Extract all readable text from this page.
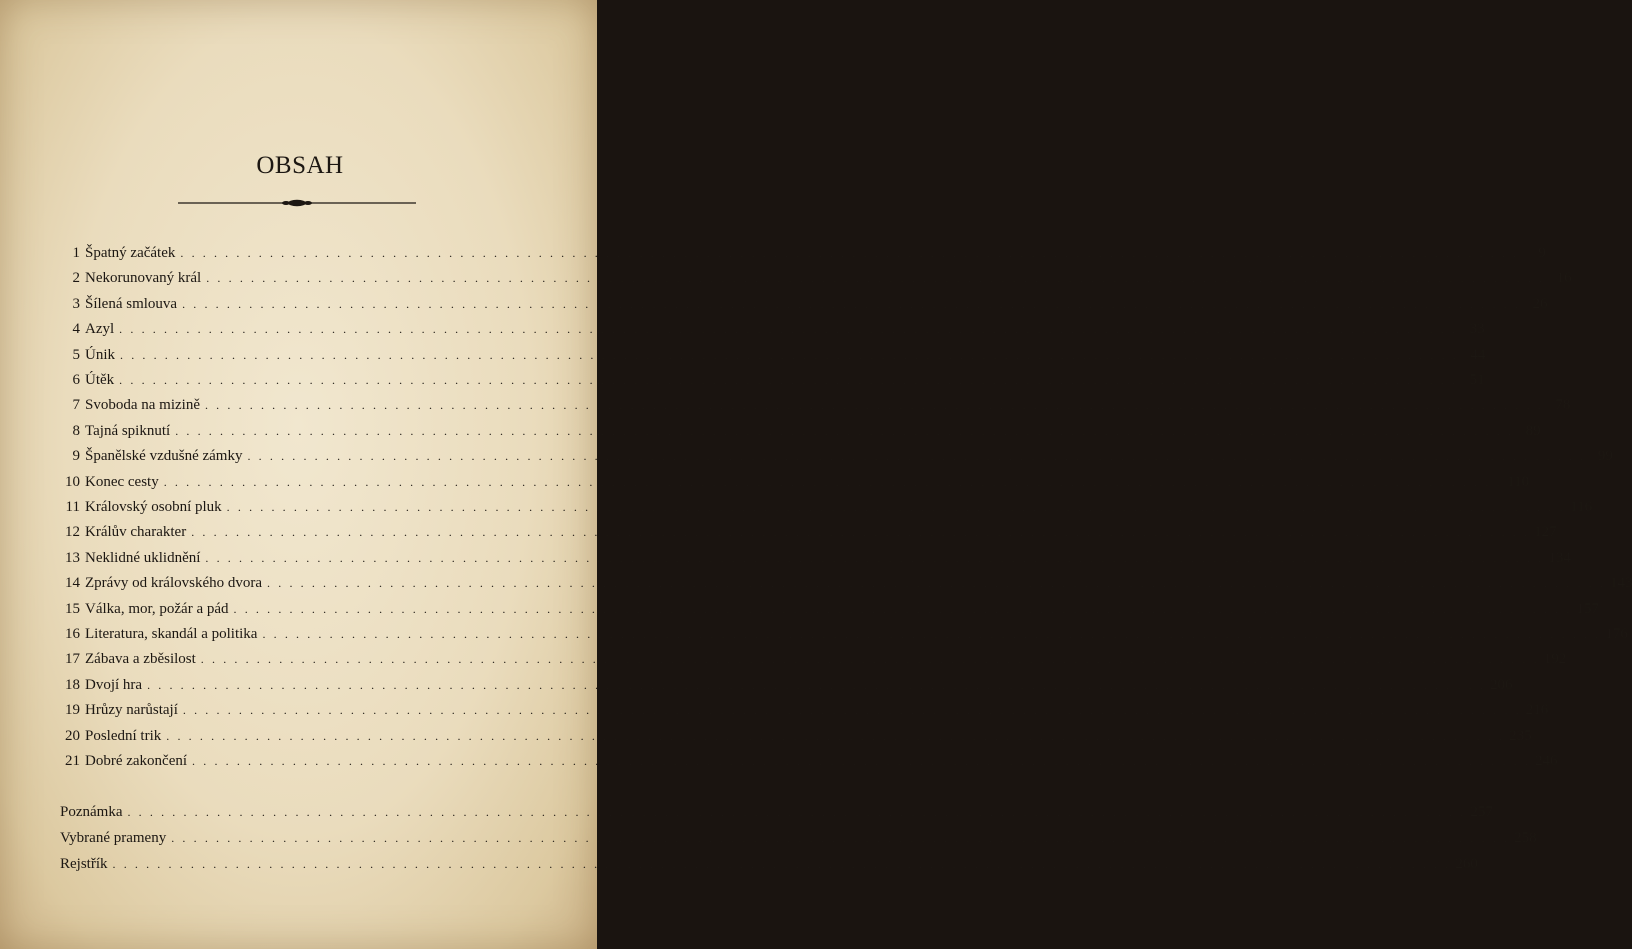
OBSAH
1 Špatný začátek . . . . . . . . . . . . . . . . . . . . . . . . . . . . . . . . . . . . . . . . . . . . . . . . . . . . . . . . . . . . . . . . . . . . . . . . . . . . . . . . . . . . . . . . . . . . . . . . . . . . . . . . . . . . . . . . . . . . . . . .	9
2 Nekorunovaný král . . . . . . . . . . . . . . . . . . . . . . . . . . . . . . . . . . . . . . . . . . . . . . . . . . . . . . . . . . . . . . . . . . . . . . . . . . . . . . . . . . . . . . . . . . . . . . . . . . . . . . . . . . . . . . . . . . . . . . . . 16
3 Šílená smlouva . . . . . . . . . . . . . . . . . . . . . . . . . . . . . . . . . . . . . . . . . . . . . . . . . . . . . . . . . . . . . . . . . . . . . . . . . . . . . . . . . . . . . . . . . . . . . . . . . . . . . . . . . . . . . . . . . . . . . . . . 26
4 Azyl . . . . . . . . . . . . . . . . . . . . . . . . . . . . . . . . . . . . . . . . . . . . . . . . . . . . . . . . . . . . . . . . . . . . . . . . . . . . . . . . . . . . . . . . . . . . . . . . . . . . . . . . . . . . . . . . . . . . . . . . 33
5 Únik . . . . . . . . . . . . . . . . . . . . . . . . . . . . . . . . . . . . . . . . . . . . . . . . . . . . . . . . . . . . . . . . . . . . . . . . . . . . . . . . . . . . . . . . . . . . . . . . . . . . . . . . . . . . . . . . . . . . . . . . 44
6 Útěk . . . . . . . . . . . . . . . . . . . . . . . . . . . . . . . . . . . . . . . . . . . . . . . . . . . . . . . . . . . . . . . . . . . . . . . . . . . . . . . . . . . . . . . . . . . . . . . . . . . . . . . . . . . . . . . . . . . . . . . . 51
7 Svoboda na mizině . . . . . . . . . . . . . . . . . . . . . . . . . . . . . . . . . . . . . . . . . . . . . . . . . . . . . . . . . . . . . . . . . . . . . . . . . . . . . . . . . . . . . . . . . . . . . . . . . . . . . . . . . . . . . . . . . . . . . . . . 78
8 Tajná spiknutí . . . . . . . . . . . . . . . . . . . . . . . . . . . . . . . . . . . . . . . . . . . . . . . . . . . . . . . . . . . . . . . . . . . . . . . . . . . . . . . . . . . . . . . . . . . . . . . . . . . . . . . . . . . . . . . . . . . . . . . . 89
9 Španělské vzdušné zámky . . . . . . . . . . . . . . . . . . . . . . . . . . . . . . . . . . . . . . . . . . . . . . . . . . . . . . . . . . . . . . . . . . . . . . . . . . . . . . . . . . . . . . . . . . . . . . . . . . . . . . . . . . . . . . . . . . . . . . . . 99
10 Konec cesty . . . . . . . . . . . . . . . . . . . . . . . . . . . . . . . . . . . . . . . . . . . . . . . . . . . . . . . . . . . . . . . . . . . . . . . . . . . . . . . . . . . . . . . . . . . . . . . . . . . . . . . . . . . . . . . . . . . . . . . . 110
11 Královský osobní pluk . . . . . . . . . . . . . . . . . . . . . . . . . . . . . . . . . . . . . . . . . . . . . . . . . . . . . . . . . . . . . . . . . . . . . . . . . . . . . . . . . . . . . . . . . . . . . . . . . . . . . . . . . . . . . . . . . . . . . . . . 116
12 Králův charakter . . . . . . . . . . . . . . . . . . . . . . . . . . . . . . . . . . . . . . . . . . . . . . . . . . . . . . . . . . . . . . . . . . . . . . . . . . . . . . . . . . . . . . . . . . . . . . . . . . . . . . . . . . . . . . . . . . . . . . . . 127
13 Neklidné uklidnění . . . . . . . . . . . . . . . . . . . . . . . . . . . . . . . . . . . . . . . . . . . . . . . . . . . . . . . . . . . . . . . . . . . . . . . . . . . . . . . . . . . . . . . . . . . . . . . . . . . . . . . . . . . . . . . . . . . . . . . . 134
14 Zprávy od královského dvora . . . . . . . . . . . . . . . . . . . . . . . . . . . . . . . . . . . . . . . . . . . . . . . . . . . . . . . . . . . . . . . . . . . . . . . . . . . . . . . . . . . . . . . . . . . . . . . . . . . . . . . . . . . . . . . . . . . . . . . . 143
15 Válka, mor, požár a pád . . . . . . . . . . . . . . . . . . . . . . . . . . . . . . . . . . . . . . . . . . . . . . . . . . . . . . . . . . . . . . . . . . . . . . . . . . . . . . . . . . . . . . . . . . . . . . . . . . . . . . . . . . . . . . . . . . . . . . . . 157
16 Literatura, skandál a politika . . . . . . . . . . . . . . . . . . . . . . . . . . . . . . . . . . . . . . . . . . . . . . . . . . . . . . . . . . . . . . . . . . . . . . . . . . . . . . . . . . . . . . . . . . . . . . . . . . . . . . . . . . . . . . . . . . . . . . . . 176
17 Zábava a zběsilost . . . . . . . . . . . . . . . . . . . . . . . . . . . . . . . . . . . . . . . . . . . . . . . . . . . . . . . . . . . . . . . . . . . . . . . . . . . . . . . . . . . . . . . . . . . . . . . . . . . . . . . . . . . . . . . . . . . . . . . . 192
18 Dvojí hra . . . . . . . . . . . . . . . . . . . . . . . . . . . . . . . . . . . . . . . . . . . . . . . . . . . . . . . . . . . . . . . . . . . . . . . . . . . . . . . . . . . . . . . . . . . . . . . . . . . . . . . . . . . . . . . . . . . . . . . . 206
19 Hrůzy narůstají . . . . . . . . . . . . . . . . . . . . . . . . . . . . . . . . . . . . . . . . . . . . . . . . . . . . . . . . . . . . . . . . . . . . . . . . . . . . . . . . . . . . . . . . . . . . . . . . . . . . . . . . . . . . . . . . . . . . . . . . 216
20 Poslední trik . . . . . . . . . . . . . . . . . . . . . . . . . . . . . . . . . . . . . . . . . . . . . . . . . . . . . . . . . . . . . . . . . . . . . . . . . . . . . . . . . . . . . . . . . . . . . . . . . . . . . . . . . . . . . . . . . . . . . . . . 235
21 Dobré zakončení . . . . . . . . . . . . . . . . . . . . . . . . . . . . . . . . . . . . . . . . . . . . . . . . . . . . . . . . . . . . . . . . . . . . . . . . . . . . . . . . . . . . . . . . . . . . . . . . . . . . . . . . . . . . . . . . . . . . . . . . 246
Poznámka . . . . . . . . . . . . . . . . . . . . . . . . . . . . . . . . . . . . . . . . . . . . . . . . . . . . . . . . . . . . . . . . . . . . . . . . . . . . . . . . . . . . . . . . . . . . . . . . . . . . . . . . . . . . . . . . . . . . . . . . 257
Vybrané prameny . . . . . . . . . . . . . . . . . . . . . . . . . . . . . . . . . . . . . . . . . . . . . . . . . . . . . . . . . . . . . . . . . . . . . . . . . . . . . . . . . . . . . . . . . . . . . . . . . . . . . . . . . . . . . . . . . . . . . . . . 258
Rejstřík . . . . . . . . . . . . . . . . . . . . . . . . . . . . . . . . . . . . . . . . . . . . . . . . . . . . . . . . . . . . . . . . . . . . . . . . . . . . . . . . . . . . . . . . . . . . . . . . . . . . . . . . . . . . . . . . . . . . . . . . 260
